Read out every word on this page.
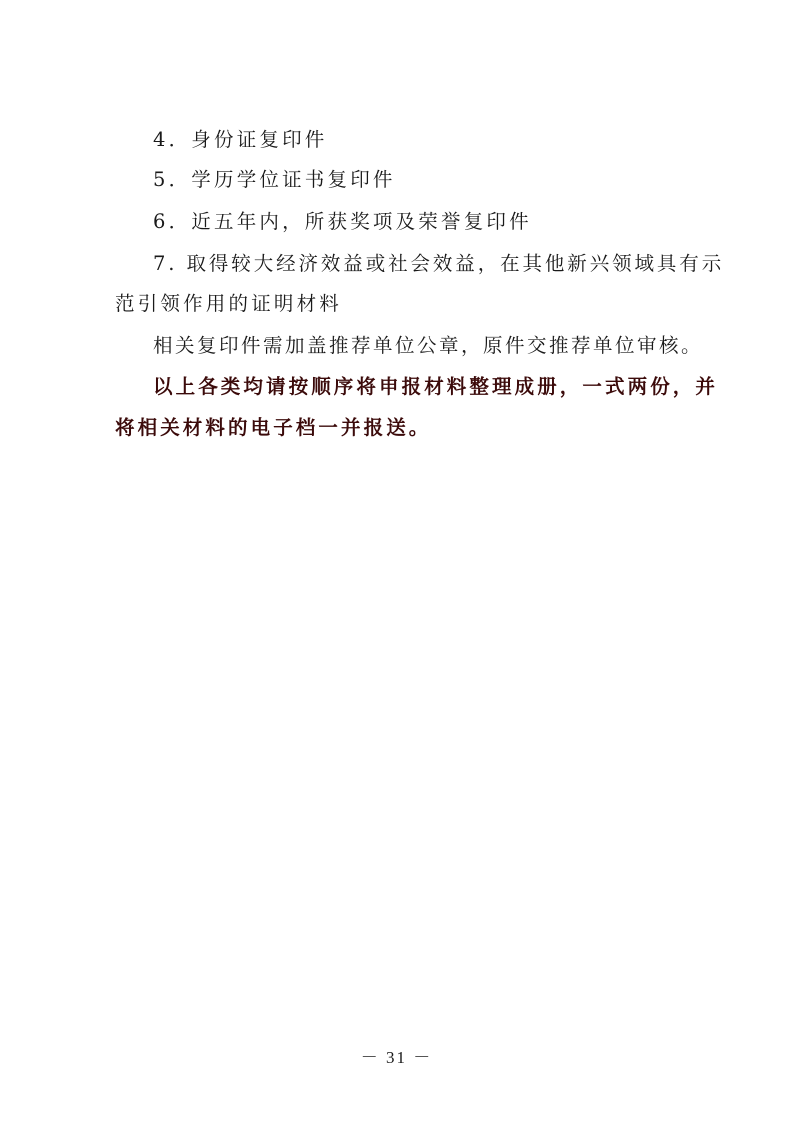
4．身份证复印件
5．学历学位证书复印件
6．近五年内，所获奖项及荣誉复印件
7. 取得较大经济效益或社会效益，在其他新兴领域具有示
范引领作用的证明材料
相关复印件需加盖推荐单位公章，原件交推荐单位审核。
以上各类均请按顺序将申报材料整理成册，一式两份，并
将相关材料的电子档一并报送。
－ 31 －
